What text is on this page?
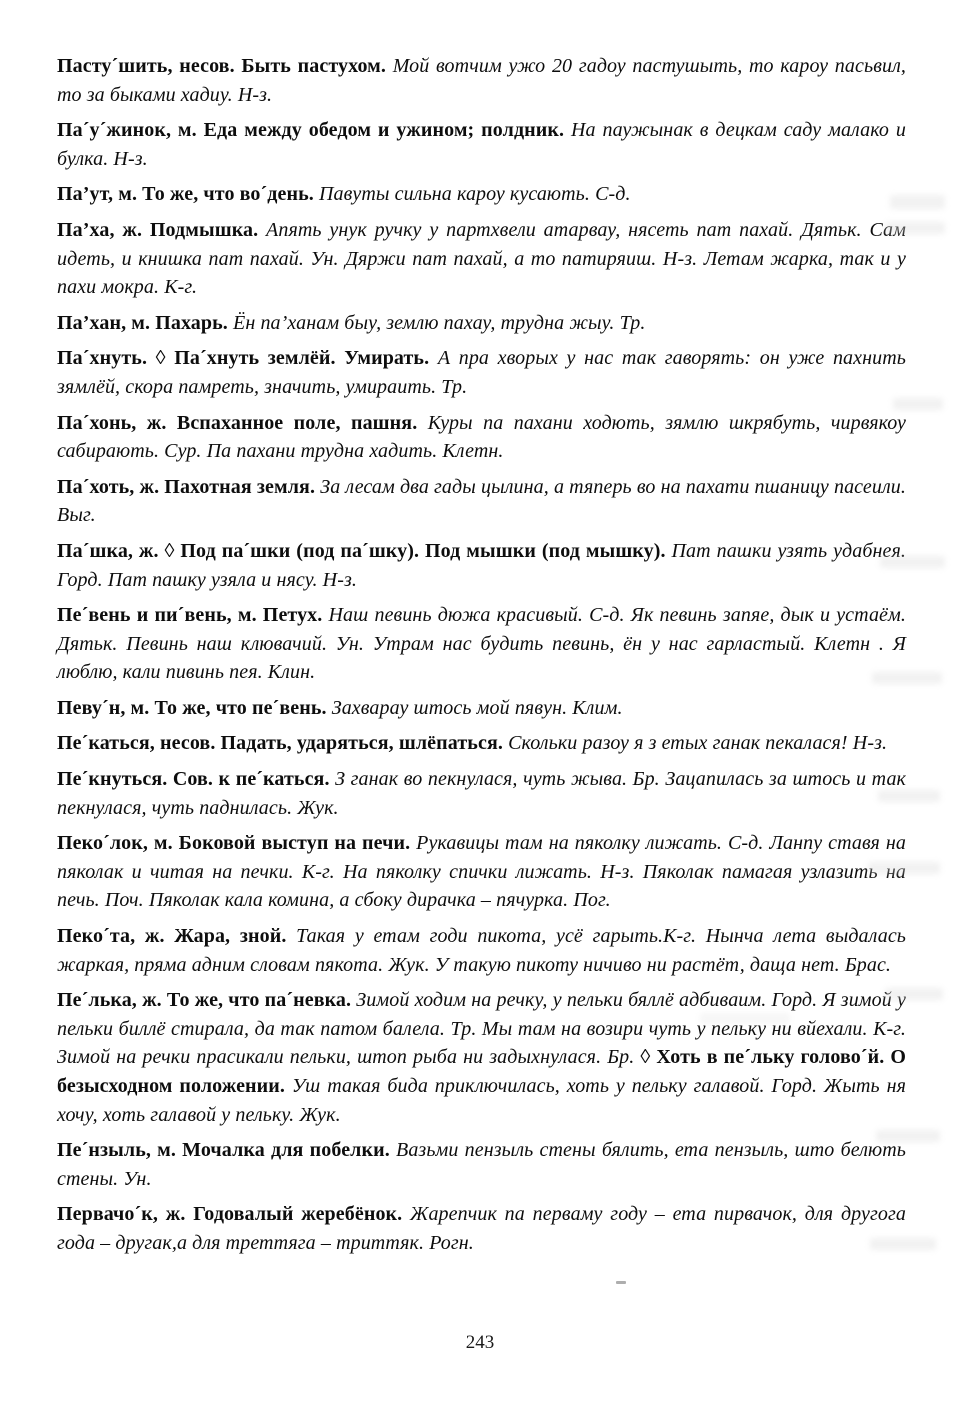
Пасту´шить, несов. Быть пастухом. Мой вотчим ужо 20 гадоу пастушыть, то кароу пасьвил, то за быками хадиу. Н-з.

Па´у´жинок, м. Еда между обедом и ужином; полдник. На паужынак в децкам саду малако и булка. Н-з.

Па’ут, м. То же, что во´день. Павуты сильна кароу кусають. С-д.

Па’ха, ж. Подмышка. Апять унук ручку у партхвели атарвау, нясеть пат пахай. Дятьк. Сам идеть, и книшка пат пахай. Ун. Дяржи пат пахай, а то патиряиш. Н-з. Летам жарка, так и у пахи мокра. К-г.

Па’хан, м. Пахарь. Ён па’ханам быу, землю пахау, трудна жыу. Тр.

Па´хнуть. ◊ Па´хнуть землёй. Умирать. А пра хворых у нас так гаворять: он уже пахнить зямлёй, скора памреть, значить, умираить. Тр.

Па´хонь, ж. Вспаханное поле, пашня. Куры па пахани ходють, зямлю шкрябуть, чирвякоу сабирають. Сур. Па пахани трудна хадить. Клетн.

Па´хоть, ж. Пахотная земля. За лесам два гады цылина, а тяперь во на пахати пшаницу пасеили. Выг.

Па´шка, ж. ◊ Под па´шки (под па´шку). Под мышки (под мышку). Пат пашки узять удабнея. Горд. Пат пашку узяла и нясу. Н-з.

Пе´вень и пи´вень, м. Петух. Наш певинь дюжа красивый. С-д. Як певинь запяе, дык и устаём. Дятьк. Певинь наш клювачий. Ун. Утрам нас будить певинь, ён у нас гарластый. Клетн . Я люблю, кали пивинь пея. Клин.

Певу´н, м. То же, что пе´вень. Захварау штось мой пявун. Клим.

Пе´каться, несов. Падать, ударяться, шлёпаться. Скольки разоу я з етых ганак пекалася! Н-з.

Пе´кнуться. Сов. к пе´каться. З ганак во пекнулася, чуть жыва. Бр. Зацапилась за штось и так пекнулася, чуть паднилась. Жук.

Пеко´лок, м. Боковой выступ на печи. Рукавицы там на пяколку лижать. С-д. Ланпу ставя на пяколак и читая на печки. К-г. На пяколку спички лижать. Н-з. Пяколак памагая узлазить на печь. Поч. Пяколак кала комина, а сбоку дирачка – пячурка. Пог.

Пеко´та, ж. Жара, зной. Такая у етам годи пикота, усё гарыть.К-г. Нынча лета выдалась жаркая, пряма адним словам пякота. Жук. У такую пикоту ничиво ни растёт, даща нет. Брас.

Пе´лька, ж. То же, что па´невка. Зимой ходим на речку, у пельки бяллё адбиваим. Горд. Я зимой у пельки биллё стирала, да так патом балела. Тр. Мы там на возири чуть у пельку ни вйехали. К-г. Зимой на речки прасикали пельки, штоп рыба ни задыхнулася. Бр. ◊ Хоть в пе´льку голово´й. О безысходном положении. Уш такая бида приключилась, хоть у пельку галавой. Горд. Жыть ня хочу, хоть галавой у пельку. Жук.

Пе´нзыль, м. Мочалка для побелки. Вазьми пензыль стены бялить, ета пензыль, што белють стены. Ун.

Первачо´к, ж. Годовалый жеребёнок. Жарепчик па первaму году – ета пирвачок, для другога года – другак,а для треттяга – триттяк. Рогн.

243
